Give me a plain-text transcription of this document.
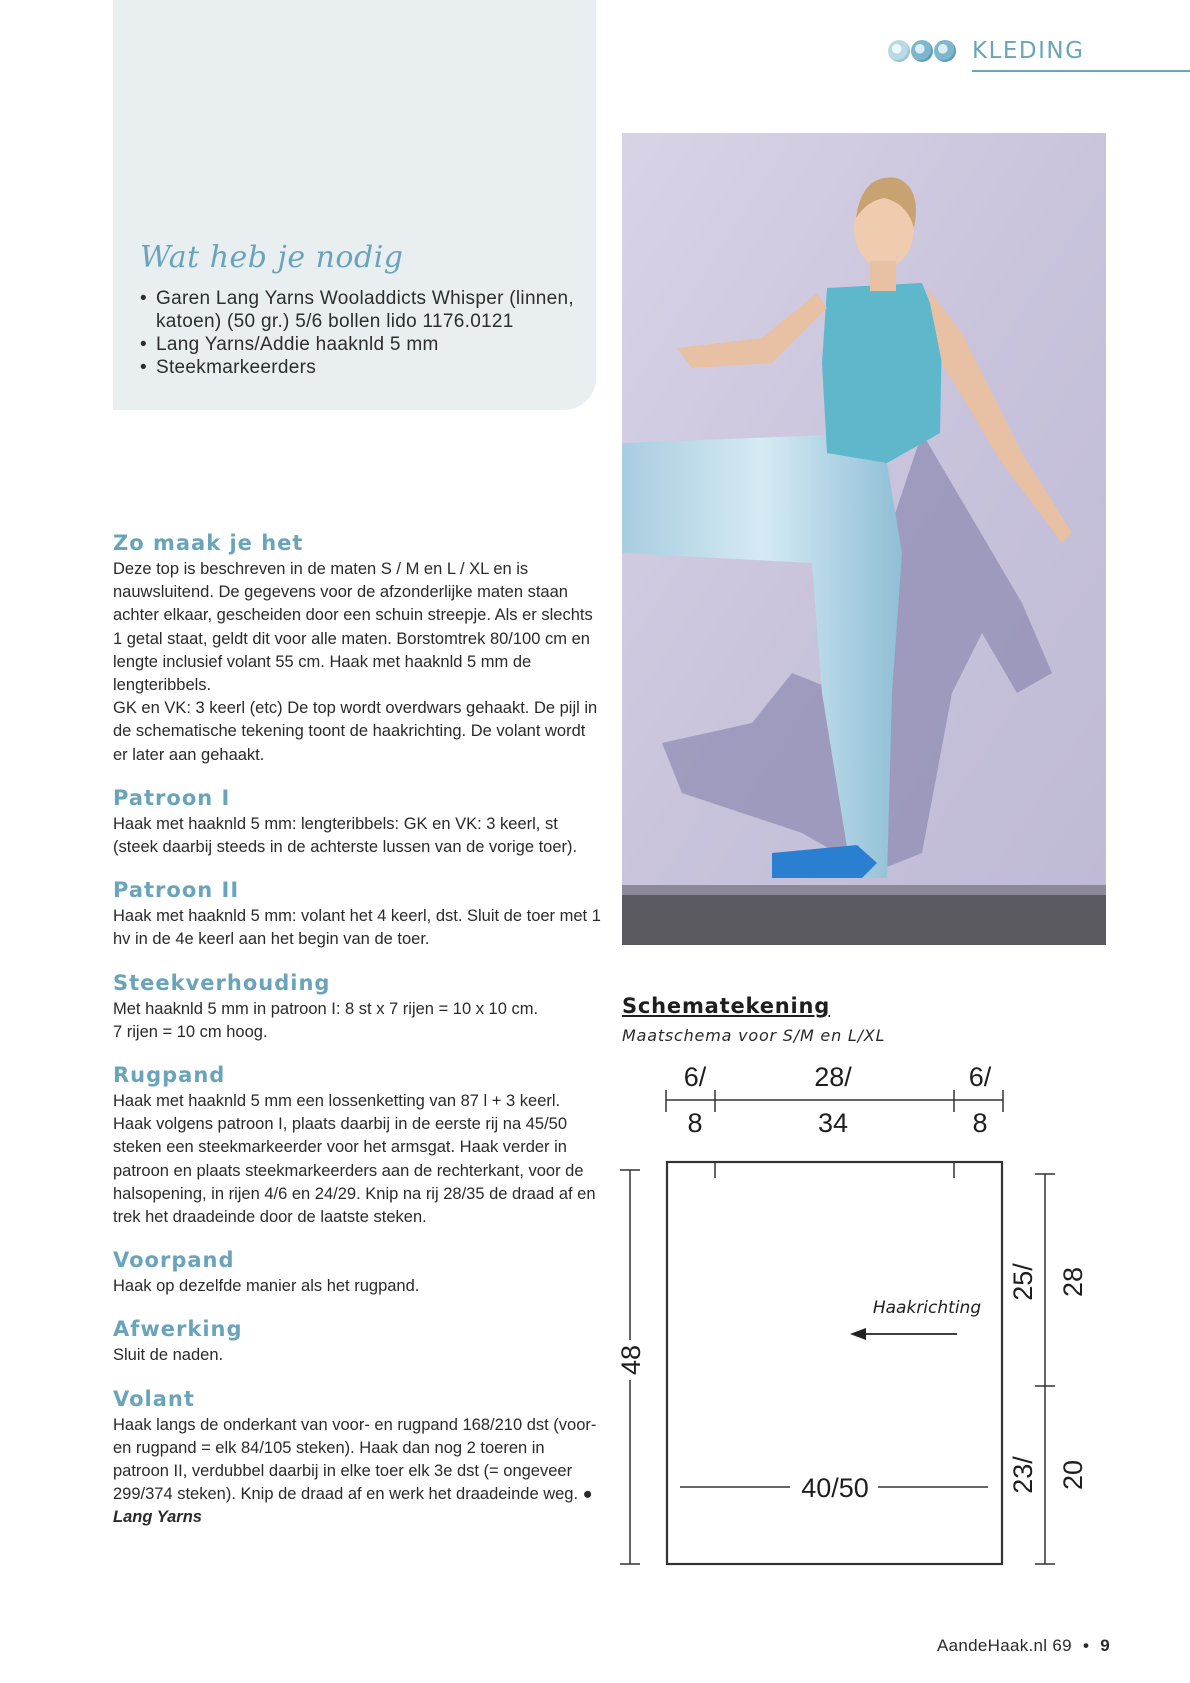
KLEDING
Wat heb je nodig
• Garen Lang Yarns Wooladdicts Whisper (linnen, katoen) (50 gr.) 5/6 bollen lido 1176.0121
• Lang Yarns/Addie haaknld 5 mm
• Steekmarkeerders
Zo maak je het

Deze top is beschreven in de maten S / M en L / XL en is nauwsluitend. De gegevens voor de afzonderlijke maten staan achter elkaar, gescheiden door een schuin streepje. Als er slechts 1 getal staat, geldt dit voor alle maten. Borstomtrek 80/100 cm en lengte inclusief volant 55 cm. Haak met haaknld 5 mm de lengteribbels.
GK en VK: 3 keerl (etc) De top wordt overdwars gehaakt. De pijl in de schematische tekening toont de haakrichting. De volant wordt er later aan gehaakt.

Patroon I

Haak met haaknld 5 mm: lengteribbels: GK en VK: 3 keerl, st (steek daarbij steeds in de achterste lussen van de vorige toer).

Patroon II

Haak met haaknld 5 mm: volant het 4 keerl, dst. Sluit de toer met 1 hv in de 4e keerl aan het begin van de toer.

Steekverhouding

Met haaknld 5 mm in patroon I: 8 st x 7 rijen = 10 x 10 cm.
7 rijen = 10 cm hoog.

Rugpand

Haak met haaknld 5 mm een lossenketting van 87 l + 3 keerl. Haak volgens patroon I, plaats daarbij in de eerste rij na 45/50 steken een steekmarkeerder voor het armsgat. Haak verder in patroon en plaats steekmarkeerders aan de rechterkant, voor de halsopening, in rijen 4/6 en 24/29. Knip na rij 28/35 de draad af en trek het draadeinde door de laatste steken.

Voorpand

Haak op dezelfde manier als het rugpand.

Afwerking

Sluit de naden.

Volant

Haak langs de onderkant van voor- en rugpand 168/210 dst (voor- en rugpand = elk 84/105 steken). Haak dan nog 2 toeren in patroon II, verdubbel daarbij in elke toer elk 3e dst (= ongeveer 299/374 steken). Knip de draad af en werk het draadeinde weg. ●

Lang Yarns
Schematekening
Maatschema voor S/M en L/XL
6/
8
28/
34
6/
8
48
40/50
Haakrichting
25/ 28
23/ 20
AandeHaak.nl 69 • 9
